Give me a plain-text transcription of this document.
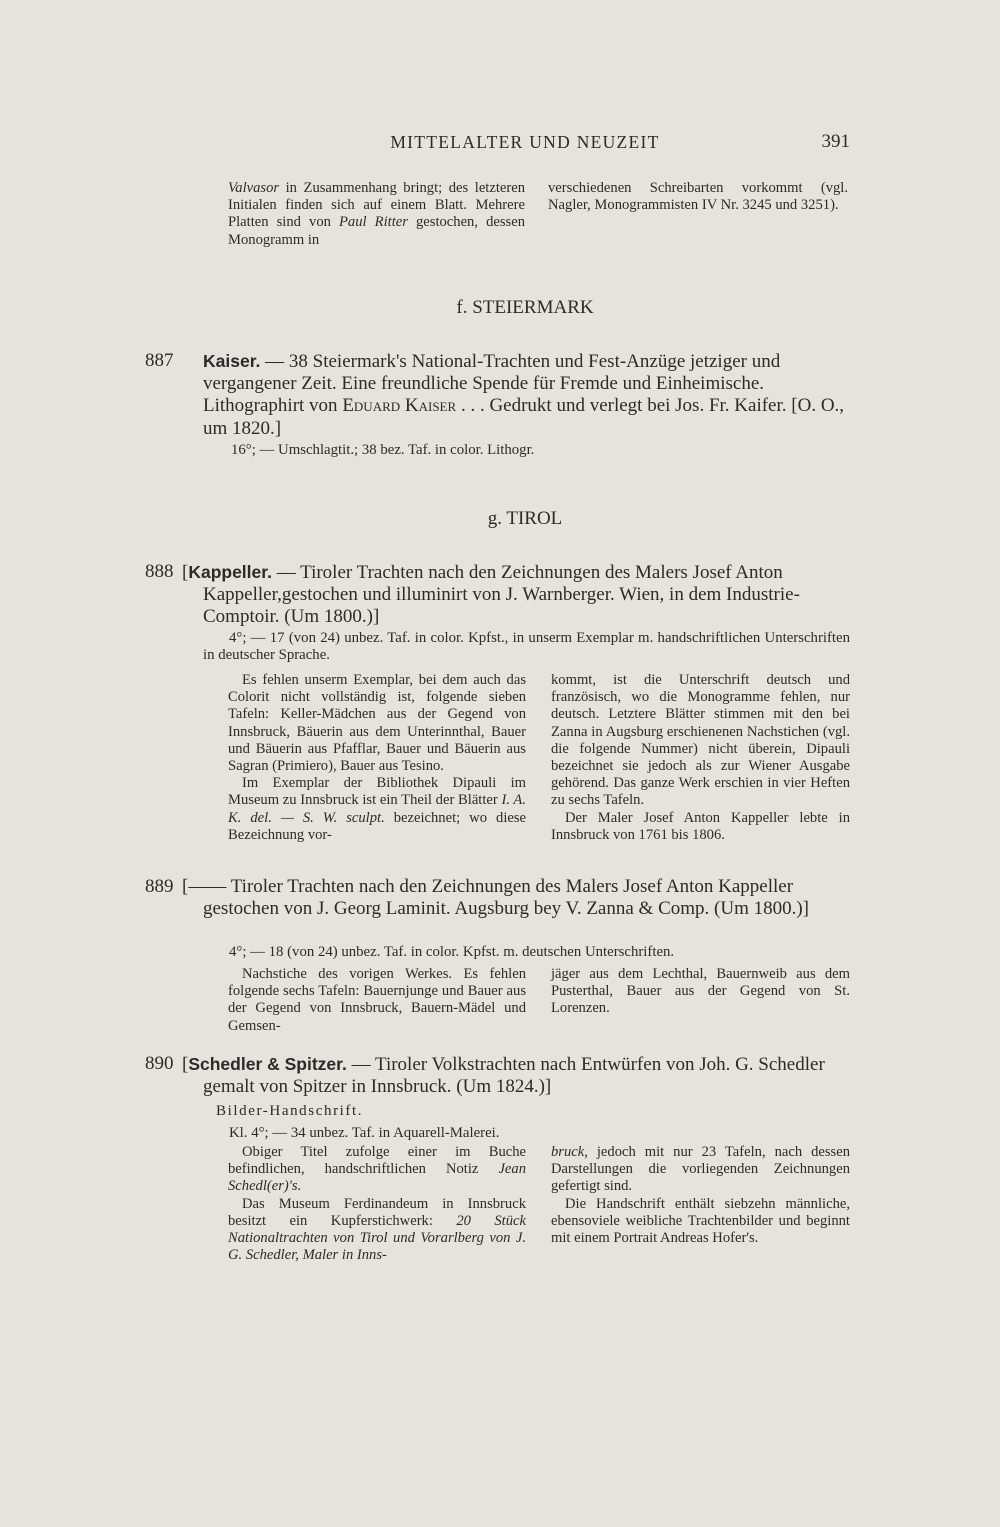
MITTELALTER UND NEUZEIT	391

Valvasor in Zusammenhang bringt; des letzteren Initialen finden sich auf einem Blatt. Mehrere Platten sind von Paul Ritter gestochen, dessen Monogramm in

verschiedenen Schreibarten vorkommt (vgl. Nagler, Monogrammisten IV Nr. 3245 und 3251).

f. STEIERMARK
887	Kaiser. — 38 Steiermark's National-Trachten und Fest-Anzüge jetziger und vergangener Zeit. Eine freundliche Spende für Fremde und Einheimische. Lithographirt von Eduard Kaiser . . . Gedrukt und verlegt bei Jos. Fr. Kaifer. [O. O., um 1820.]
16°; — Umschlagtit.; 38 bez. Taf. in color. Lithogr.
g. TIROL
888 [Kappeller. — Tiroler Trachten nach den Zeichnungen des Malers Josef Anton Kappeller,gestochen und illuminirt von J. Warnberger. Wien, in dem Industrie-Comptoir. (Um 1800.)]
4°; — 17 (von 24) unbez. Taf. in color. Kpfst., in unserm Exemplar m. handschriftlichen Unterschriften in deutscher Sprache.

Es fehlen unserm Exemplar, bei dem auch das Colorit nicht vollständig ist, folgende sieben Tafeln: Keller-Mädchen aus der Gegend von Innsbruck, Bäuerin aus dem Unterinnthal, Bauer und Bäuerin aus Pfafflar, Bauer und Bäuerin aus Sagran (Primiero), Bauer aus Tesino.

Im Exemplar der Bibliothek Dipauli im Museum zu Innsbruck ist ein Theil der Blätter I. A. K. del. — S. W. sculpt. bezeichnet; wo diese Bezeichnung vor-

kommt, ist die Unterschrift deutsch und französisch, wo die Monogramme fehlen, nur deutsch. Letztere Blätter stimmen mit den bei Zanna in Augsburg erschienenen Nachstichen (vgl. die folgende Nummer) nicht überein, Dipauli bezeichnet sie jedoch als zur Wiener Ausgabe gehörend. Das ganze Werk erschien in vier Heften zu sechs Tafeln.

Der Maler Josef Anton Kappeller lebte in Innsbruck von 1761 bis 1806.

889 [—— Tiroler Trachten nach den Zeichnungen des Malers Josef Anton Kappeller gestochen von J. Georg Laminit. Augsburg bey V. Zanna & Comp. (Um 1800.)]
4°; — 18 (von 24) unbez. Taf. in color. Kpfst. m. deutschen Unterschriften.

Nachstiche des vorigen Werkes. Es fehlen folgende sechs Tafeln: Bauernjunge und Bauer aus der Gegend von Innsbruck, Bauern-Mädel und Gemsen-

jäger aus dem Lechthal, Bauernweib aus dem Pusterthal, Bauer aus der Gegend von St. Lorenzen.

890 [Schedler & Spitzer. — Tiroler Volkstrachten nach Entwürfen von Joh. G. Schedler gemalt von Spitzer in Innsbruck. (Um 1824.)]
Bilder-Handschrift.
Kl. 4°; — 34 unbez. Taf. in Aquarell-Malerei.

Obiger Titel zufolge einer im Buche befindlichen, handschriftlichen Notiz Jean Schedl(er)'s.

Das Museum Ferdinandeum in Innsbruck besitzt ein Kupferstichwerk: 20 Stück Nationaltrachten von Tirol und Vorarlberg von J. G. Schedler, Maler in Inns-

bruck, jedoch mit nur 23 Tafeln, nach dessen Darstellungen die vorliegenden Zeichnungen gefertigt sind.

Die Handschrift enthält siebzehn männliche, ebensoviele weibliche Trachtenbilder und beginnt mit einem Portrait Andreas Hofer's.
